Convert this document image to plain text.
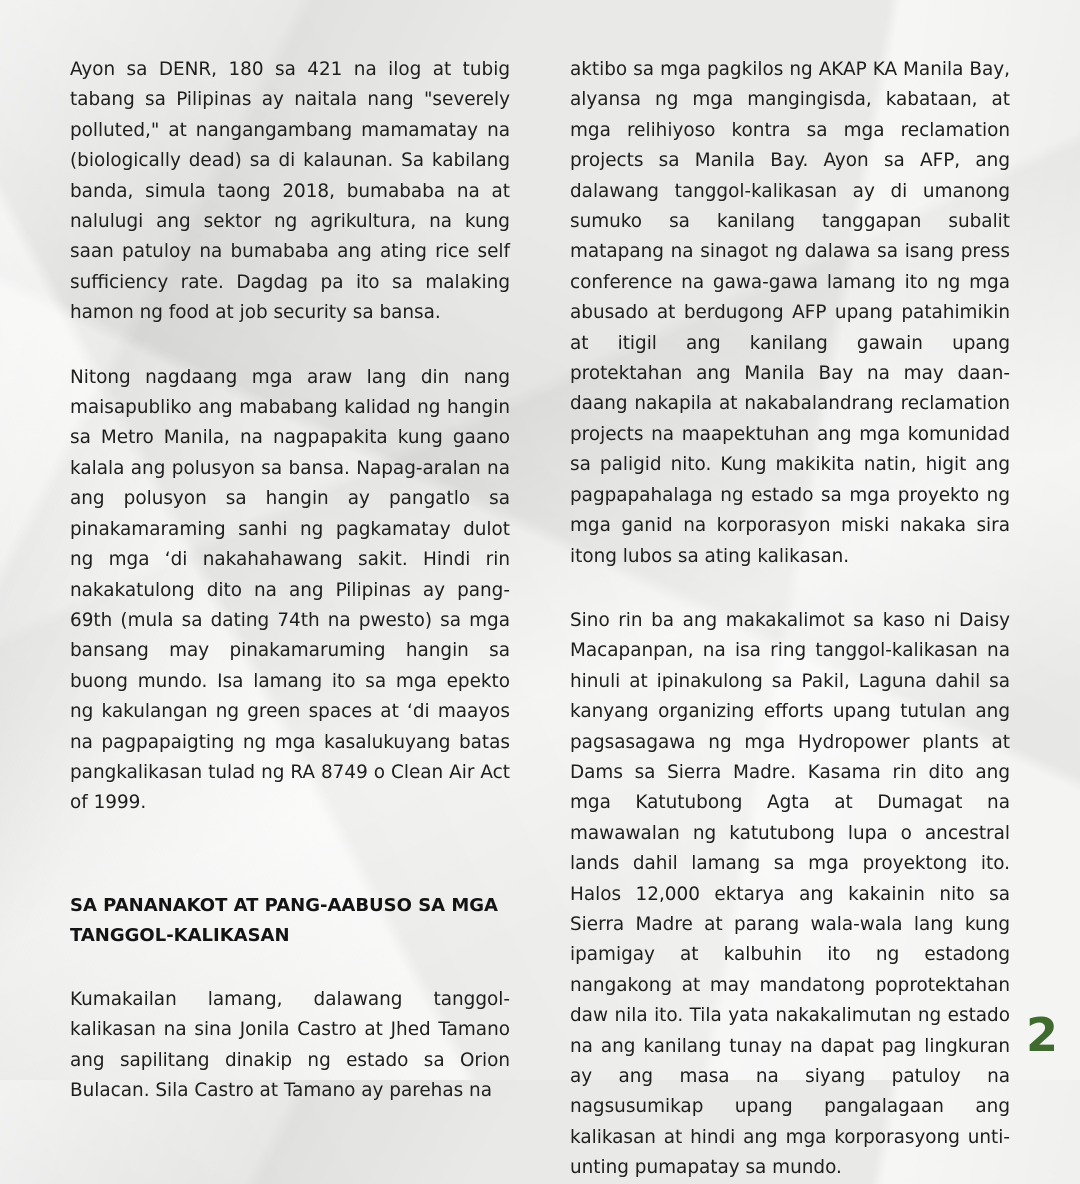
Ayon sa DENR, 180 sa 421 na ilog at tubig tabang sa Pilipinas ay naitala nang "severely polluted," at nangangambang mamamatay na (biologically dead) sa di kalaunan. Sa kabilang banda, simula taong 2018, bumababa na at nalulugi ang sektor ng agrikultura, na kung saan patuloy na bumababa ang ating rice self sufficiency rate. Dagdag pa ito sa malaking hamon ng food at job security sa bansa.

Nitong nagdaang mga araw lang din nang maisapubliko ang mababang kalidad ng hangin sa Metro Manila, na nagpapakita kung gaano kalala ang polusyon sa bansa. Napag-aralan na ang polusyon sa hangin ay pangatlo sa pinakamaraming sanhi ng pagkamatay dulot ng mga ‘di nakahahawang sakit. Hindi rin nakakatulong dito na ang Pilipinas ay pang-69th (mula sa dating 74th na pwesto) sa mga bansang may pinakamaruming hangin sa buong mundo. Isa lamang ito sa mga epekto ng kakulangan ng green spaces at ‘di maayos na pagpapaigting ng mga kasalukuyang batas pangkalikasan tulad ng RA 8749 o Clean Air Act of 1999.

SA PANANAKOT AT PANG-AABUSO SA MGA TANGGOL-KALIKASAN

Kumakailan lamang, dalawang tanggol-kalikasan na sina Jonila Castro at Jhed Tamano ang sapilitang dinakip ng estado sa Orion Bulacan. Sila Castro at Tamano ay parehas na

aktibo sa mga pagkilos ng AKAP KA Manila Bay, alyansa ng mga mangingisda, kabataan, at mga relihiyoso kontra sa mga reclamation projects sa Manila Bay. Ayon sa AFP, ang dalawang tanggol-kalikasan ay di umanong sumuko sa kanilang tanggapan subalit matapang na sinagot ng dalawa sa isang press conference na gawa-gawa lamang ito ng mga abusado at berdugong AFP upang patahimikin at itigil ang kanilang gawain upang protektahan ang Manila Bay na may daan-daang nakapila at nakabalandrang reclamation projects na maapektuhan ang mga komunidad sa paligid nito. Kung makikita natin, higit ang pagpapahalaga ng estado sa mga proyekto ng mga ganid na korporasyon miski nakaka sira itong lubos sa ating kalikasan.

Sino rin ba ang makakalimot sa kaso ni Daisy Macapanpan, na isa ring tanggol-kalikasan na hinuli at ipinakulong sa Pakil, Laguna dahil sa kanyang organizing efforts upang tutulan ang pagsasagawa ng mga Hydropower plants at Dams sa Sierra Madre. Kasama rin dito ang mga Katutubong Agta at Dumagat na mawawalan ng katutubong lupa o ancestral lands dahil lamang sa mga proyektong ito. Halos 12,000 ektarya ang kakainin nito sa Sierra Madre at parang wala-wala lang kung ipamigay at kalbuhin ito ng estadong nangakong at may mandatong poprotektahan daw nila ito. Tila yata nakakalimutan ng estado na ang kanilang tunay na dapat pag lingkuran ay ang masa na siyang patuloy na nagsusumikap upang pangalagaan ang kalikasan at hindi ang mga korporasyong unti-unting pumapatay sa mundo.

2
